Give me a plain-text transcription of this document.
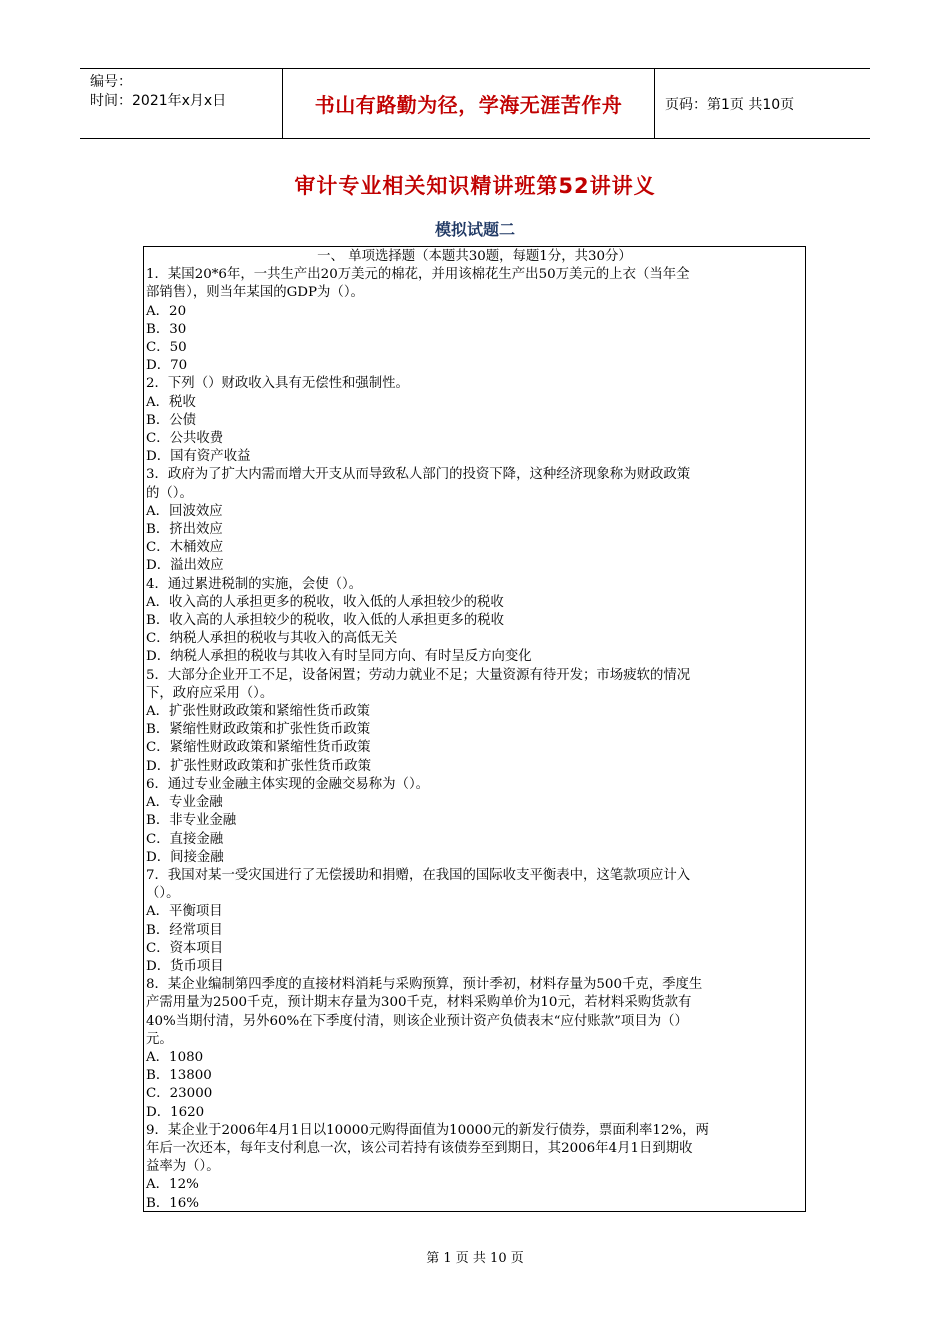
编号：
时间：2021年x月x日	书山有路勤为径，学海无涯苦作舟	页码：第1页 共10页
审计专业相关知识精讲班第52讲讲义
模拟试题二
一、 单项选择题（本题共30题，每题1分，共30分）
1．某国20*6年，一共生产出20万美元的棉花，并用该棉花生产出50万美元的上衣（当年全
部销售），则当年某国的GDP为（）。
A．20
B．30
C．50
D．70
2．下列（）财政收入具有无偿性和强制性。
A．税收
B．公债
C．公共收费
D．国有资产收益
3．政府为了扩大内需而增大开支从而导致私人部门的投资下降，这种经济现象称为财政政策
的（）。
A．回波效应
B．挤出效应
C．木桶效应
D．溢出效应
4．通过累进税制的实施，会使（）。
A．收入高的人承担更多的税收，收入低的人承担较少的税收
B．收入高的人承担较少的税收，收入低的人承担更多的税收
C．纳税人承担的税收与其收入的高低无关
D．纳税人承担的税收与其收入有时呈同方向、有时呈反方向变化
5．大部分企业开工不足，设备闲置；劳动力就业不足；大量资源有待开发；市场疲软的情况
下，政府应采用（）。
A．扩张性财政政策和紧缩性货币政策
B．紧缩性财政政策和扩张性货币政策
C．紧缩性财政政策和紧缩性货币政策
D．扩张性财政政策和扩张性货币政策
6．通过专业金融主体实现的金融交易称为（）。
A．专业金融
B．非专业金融
C．直接金融
D．间接金融
7．我国对某一受灾国进行了无偿援助和捐赠，在我国的国际收支平衡表中，这笔款项应计入
（）。
A．平衡项目
B．经常项目
C．资本项目
D．货币项目
8．某企业编制第四季度的直接材料消耗与采购预算，预计季初，材料存量为500千克，季度生
产需用量为2500千克，预计期末存量为300千克，材料采购单价为10元，若材料采购货款有
40%当期付清，另外60%在下季度付清，则该企业预计资产负债表末“应付账款”项目为（）
元。
A．1080
B．13800
C．23000
D．1620
9．某企业于2006年4月1日以10000元购得面值为10000元的新发行债券，票面利率12%，两
年后一次还本，每年支付利息一次，该公司若持有该债券至到期日，其2006年4月1日到期收
益率为（）。
A．12%
B．16%
第 1 页 共 10 页
